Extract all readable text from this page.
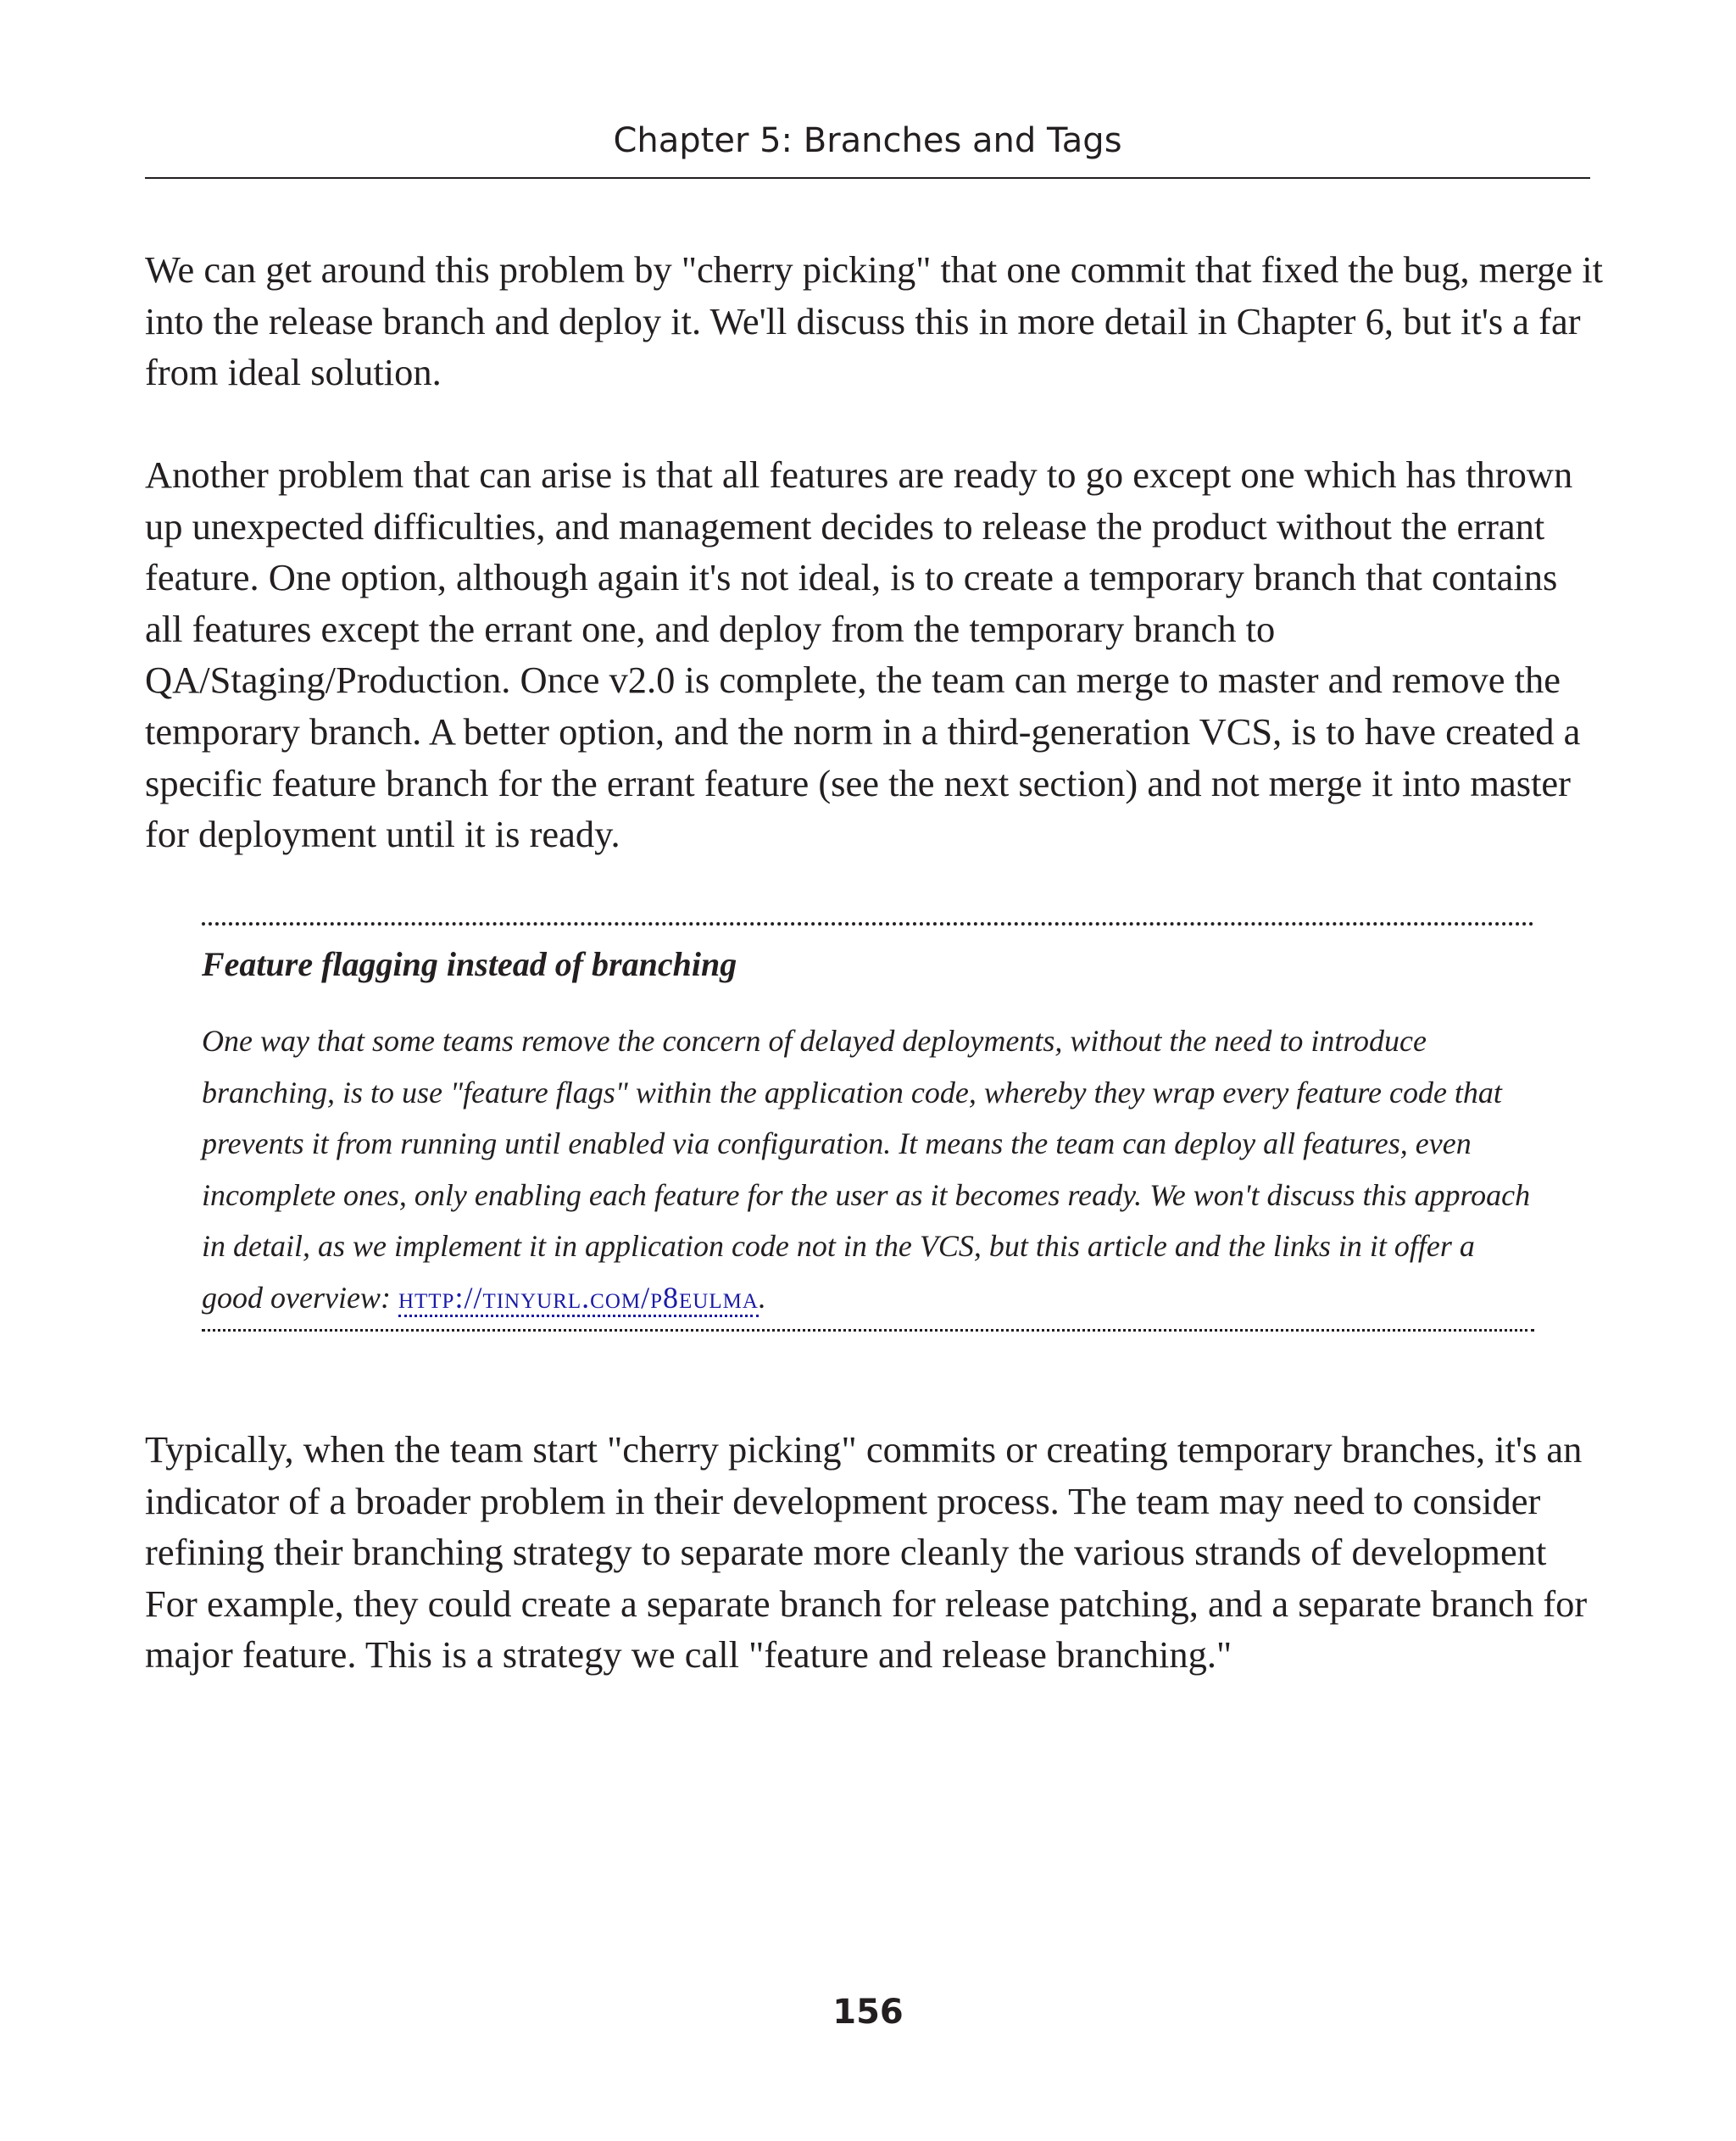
Chapter 5: Branches and Tags

We can get around this problem by "cherry picking" that one commit that fixed the bug, merge it into the release branch and deploy it. We'll discuss this in more detail in Chapter 6, but it's a far from ideal solution.

Another problem that can arise is that all features are ready to go except one which has thrown up unexpected difficulties, and management decides to release the product without the errant feature. One option, although again it's not ideal, is to create a temporary branch that contains all features except the errant one, and deploy from the temporary branch to QA/Staging/Production. Once v2.0 is complete, the team can merge to master and remove the temporary branch. A better option, and the norm in a third-generation VCS, is to have created a specific feature branch for the errant feature (see the next section) and not merge it into master for deployment until it is ready.

Feature flagging instead of branching

One way that some teams remove the concern of delayed deployments, without the need to introduce branching, is to use "feature flags" within the application code, whereby they wrap every feature code that prevents it from running until enabled via configuration. It means the team can deploy all features, even incomplete ones, only enabling each feature for the user as it becomes ready. We won't discuss this approach in detail, as we implement it in application code not in the VCS, but this article and the links in it offer a good overview: http://tinyurl.com/p8eulma.

Typically, when the team start "cherry picking" commits or creating temporary branches, it's an indicator of a broader problem in their development process. The team may need to consider refining their branching strategy to separate more cleanly the various strands of development For example, they could create a separate branch for release patching, and a separate branch for major feature. This is a strategy we call "feature and release branching."

156
